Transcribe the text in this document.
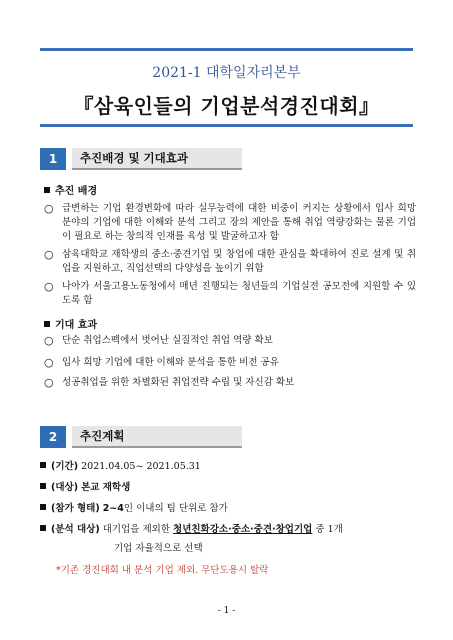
2021-1 대학일자리본부
『삼육인들의 기업분석경진대회』
1	추진배경 및 기대효과
추진 배경
○ 급변하는 기업 환경변화에 따라 실무능력에 대한 비중이 커지는 상황에서 입사 희망 분야의 기업에 대한 이해와 분석 그리고 장의 제안을 통해 취업 역량강화는 물론 기업이 필요로 하는 창의적 인재를 육성 및 발굴하고자 함
○ 삼육대학교 재학생의 중소·중견기업 및 창업에 대한 관심을 확대하여 진로 설계 및 취업을 지원하고, 직업선택의 다양성을 높이기 위함
○ 나아가 서울고용노동청에서 매년 진행되는 청년들의 기업실전 공모전에 지원할 수 있도록 함
기대 효과
○ 단순 취업스펙에서 벗어난 실질적인 취업 역량 확보
○ 입사 희망 기업에 대한 이해와 분석을 통한 비전 공유
○ 성공취업을 위한 차별화된 취업전략 수립 및 자신감 확보
2	추진계획
(기간) 2021.04.05~ 2021.05.31
(대상) 본교 재학생
(참가 형태) 2~4인 이내의 팀 단위로 참가
(분석 대상) 대기업을 제외한 청년친화강소·중소·중견·창업기업 중 1개
기업 자율적으로 선택
*기존 경진대회 내 분석 기업 제외. 무단도용시 탈락
- 1 -
